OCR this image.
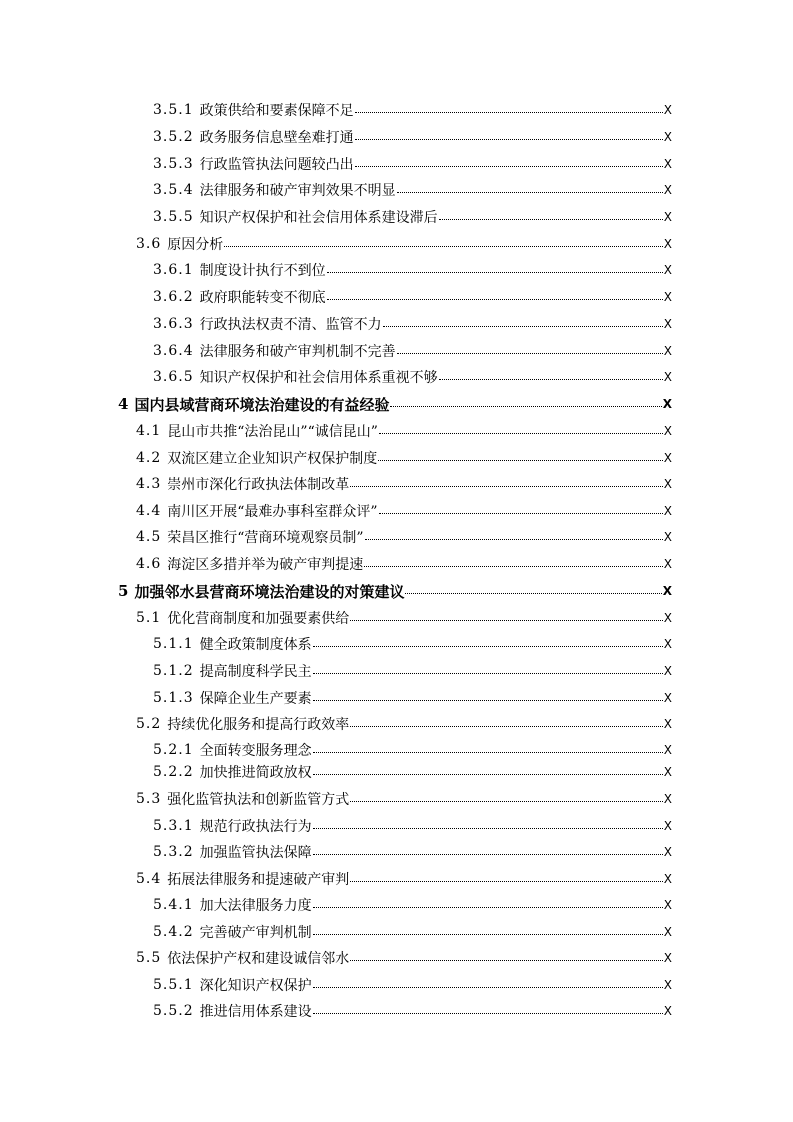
3.5.1 政策供给和要素保障不足	X
3.5.2 政务服务信息壁垒难打通	X
3.5.3 行政监管执法问题较凸出	X
3.5.4 法律服务和破产审判效果不明显	X
3.5.5 知识产权保护和社会信用体系建设滞后	X
3.6 原因分析	X
3.6.1 制度设计执行不到位	X
3.6.2 政府职能转变不彻底	X
3.6.3 行政执法权责不清、监管不力	X
3.6.4 法律服务和破产审判机制不完善	X
3.6.5 知识产权保护和社会信用体系重视不够	X
4 国内县域营商环境法治建设的有益经验	X
4.1 昆山市共推“法治昆山”“诚信昆山”	X
4.2 双流区建立企业知识产权保护制度	X
4.3 崇州市深化行政执法体制改革	X
4.4 南川区开展“最难办事科室群众评”	X
4.5 荣昌区推行“营商环境观察员制”	X
4.6 海淀区多措并举为破产审判提速	X
5 加强邻水县营商环境法治建设的对策建议	X
5.1 优化营商制度和加强要素供给	X
5.1.1 健全政策制度体系	X
5.1.2 提高制度科学民主	X
5.1.3 保障企业生产要素	X
5.2 持续优化服务和提高行政效率	X
5.2.1 全面转变服务理念	X
5.2.2 加快推进简政放权	X
5.3 强化监管执法和创新监管方式	X
5.3.1 规范行政执法行为	X
5.3.2 加强监管执法保障	X
5.4 拓展法律服务和提速破产审判	X
5.4.1 加大法律服务力度	X
5.4.2 完善破产审判机制	X
5.5 依法保护产权和建设诚信邻水	X
5.5.1 深化知识产权保护	X
5.5.2 推进信用体系建设	X
